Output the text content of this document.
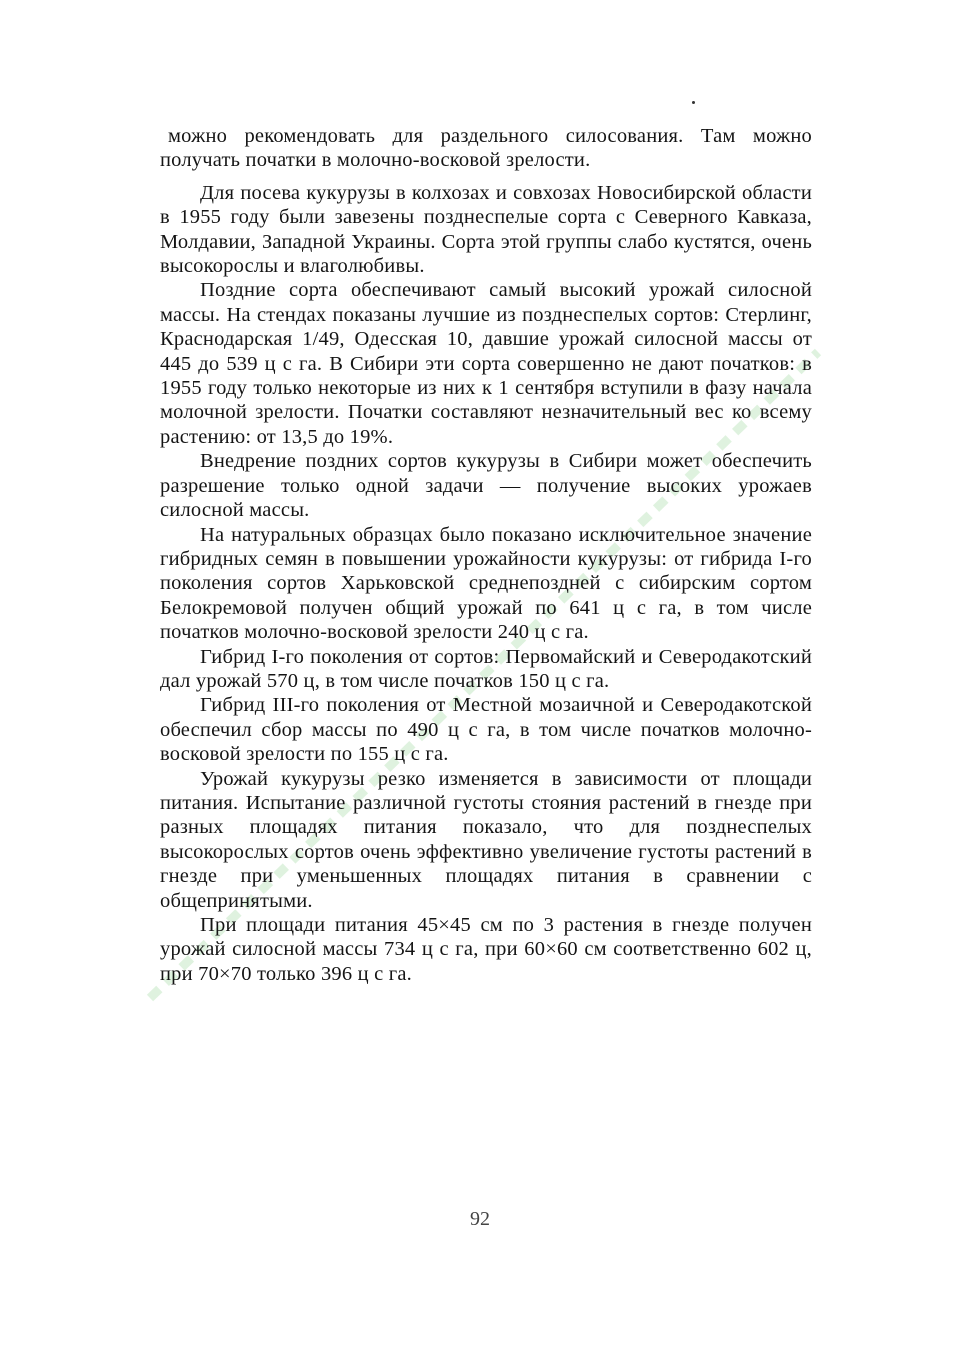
можно рекомендовать для раздельного силосования. Там можно получать початки в молочно-восковой зрелости.

Для посева кукурузы в колхозах и совхозах Новосибирской области в 1955 году были завезены позднеспелые сорта с Северного Кавказа, Молдавии, Западной Украины. Сорта этой группы слабо кустятся, очень высокорослы и влаголюбивы.

Поздние сорта обеспечивают самый высокий урожай силосной массы. На стендах показаны лучшие из позднеспелых сортов: Стерлинг, Краснодарская 1/49, Одесская 10, давшие урожай силосной массы от 445 до 539 ц с га. В Сибири эти сорта совершенно не дают початков: в 1955 году только некоторые из них к 1 сентября вступили в фазу начала молочной зрелости. Початки составляют незначительный вес ко всему растению: от 13,5 до 19%.

Внедрение поздних сортов кукурузы в Сибири может обеспечить разрешение только одной задачи — получение высоких урожаев силосной массы.

На натуральных образцах было показано исключительное значение гибридных семян в повышении урожайности кукурузы: от гибрида I-го поколения сортов Харьковской среднепоздней с сибирским сортом Белокремовой получен общий урожай по 641 ц с га, в том числе початков молочно-восковой зрелости 240 ц с га.

Гибрид I-го поколения от сортов: Первомайский и Северодакотский дал урожай 570 ц, в том числе початков 150 ц с га.

Гибрид III-го поколения от Местной мозаичной и Северодакотской обеспечил сбор массы по 490 ц с га, в том числе початков молочно-восковой зрелости по 155 ц с га.

Урожай кукурузы резко изменяется в зависимости от площади питания. Испытание различной густоты стояния растений в гнезде при разных площадях питания показало, что для позднеспелых высокорослых сортов очень эффективно увеличение густоты растений в гнезде при уменьшенных площадях питания в сравнении с общепринятыми.

При площади питания 45×45 см по 3 растения в гнезде получен урожай силосной массы 734 ц с га, при 60×60 см соответственно 602 ц, при 70×70 только 396 ц с га.

92
